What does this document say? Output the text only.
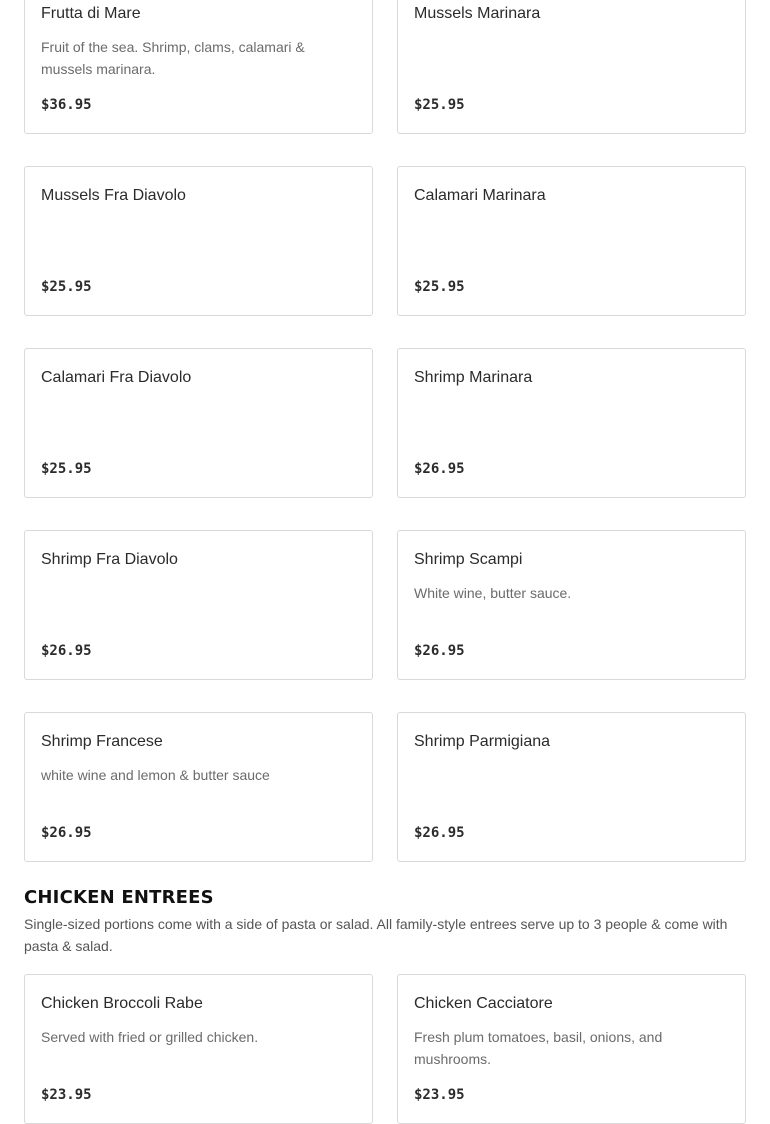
Frutta di Mare
Fruit of the sea. Shrimp, clams, calamari & mussels marinara.
$36.95
Mussels Marinara
$25.95
Mussels Fra Diavolo
$25.95
Calamari Marinara
$25.95
Calamari Fra Diavolo
$25.95
Shrimp Marinara
$26.95
Shrimp Fra Diavolo
$26.95
Shrimp Scampi
White wine, butter sauce.
$26.95
Shrimp Francese
white wine and lemon & butter sauce
$26.95
Shrimp Parmigiana
$26.95
CHICKEN ENTREES

Single-sized portions come with a side of pasta or salad. All family-style entrees serve up to 3 people & come with pasta & salad.

Chicken Broccoli Rabe
Served with fried or grilled chicken.
$23.95
Chicken Cacciatore
Fresh plum tomatoes, basil, onions, and mushrooms.
$23.95
